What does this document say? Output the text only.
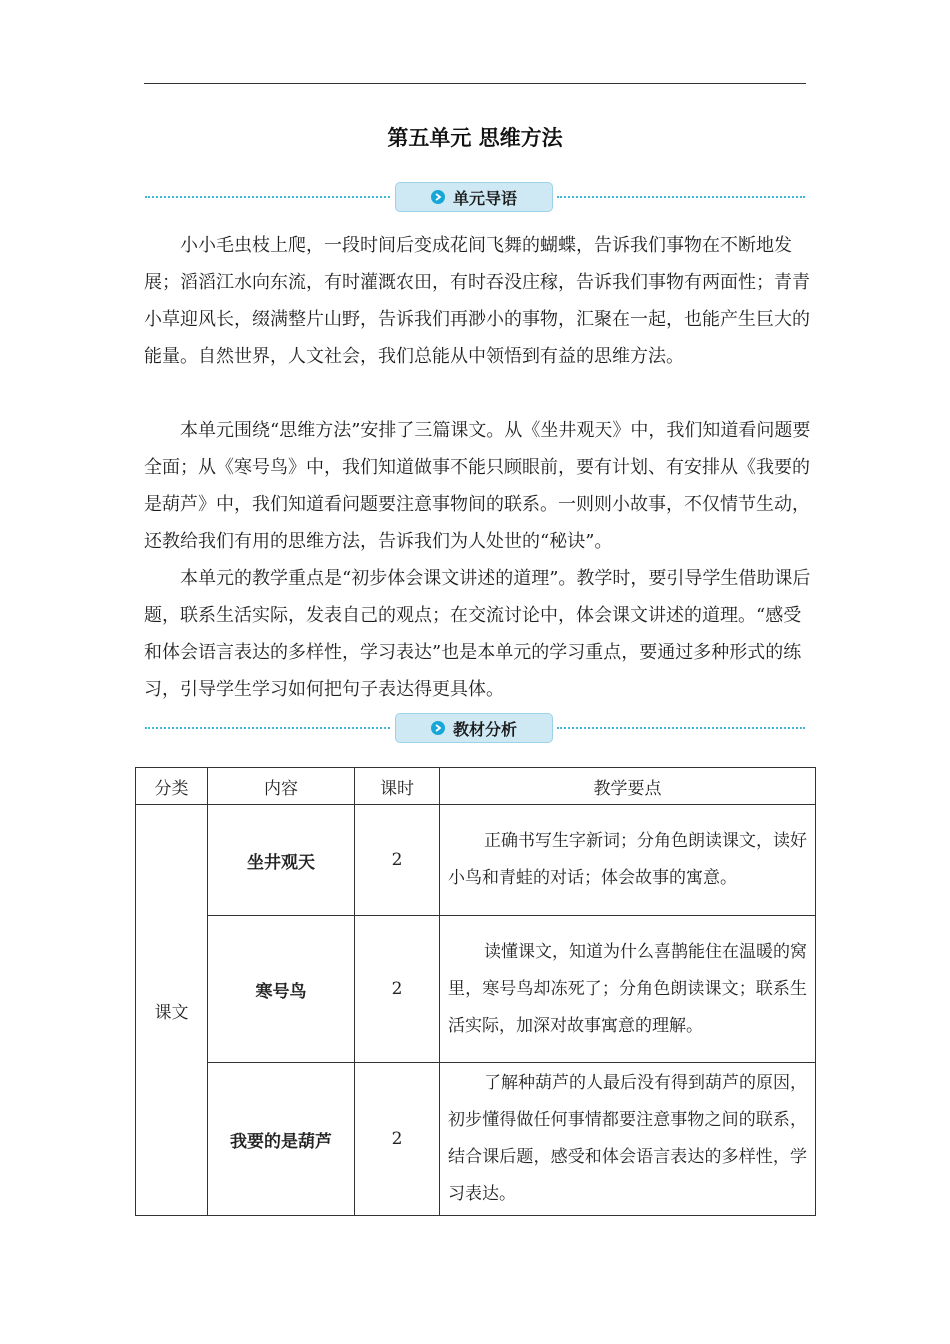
第五单元 思维方法
单元导语

小小毛虫枝上爬，一段时间后变成花间飞舞的蝴蝶，告诉我们事物在不断地发展；滔滔江水向东流，有时灌溉农田，有时吞没庄稼，告诉我们事物有两面性；青青小草迎风长，缀满整片山野，告诉我们再渺小的事物，汇聚在一起，也能产生巨大的能量。自然世界，人文社会，我们总能从中领悟到有益的思维方法。

本单元围绕“思维方法”安排了三篇课文。从《坐井观天》中，我们知道看问题要全面；从《寒号鸟》中，我们知道做事不能只顾眼前，要有计划、有安排从《我要的是葫芦》中，我们知道看问题要注意事物间的联系。一则则小故事，不仅情节生动，还教给我们有用的思维方法，告诉我们为人处世的“秘诀”。

本单元的教学重点是“初步体会课文讲述的道理”。教学时，要引导学生借助课后题，联系生活实际，发表自己的观点；在交流讨论中，体会课文讲述的道理。“感受和体会语言表达的多样性，学习表达”也是本单元的学习重点，要通过多种形式的练习，引导学生学习如何把句子表达得更具体。

教材分析
分类	内容	课时	教学要点
课文	坐井观天	2	正确书写生字新词；分角色朗读课文，读好小鸟和青蛙的对话；体会故事的寓意。
	寒号鸟	2	读懂课文，知道为什么喜鹊能住在温暖的窝里，寒号鸟却冻死了；分角色朗读课文；联系生活实际，加深对故事寓意的理解。
	我要的是葫芦	2	了解种葫芦的人最后没有得到葫芦的原因，初步懂得做任何事情都要注意事物之间的联系，结合课后题，感受和体会语言表达的多样性，学习表达。
